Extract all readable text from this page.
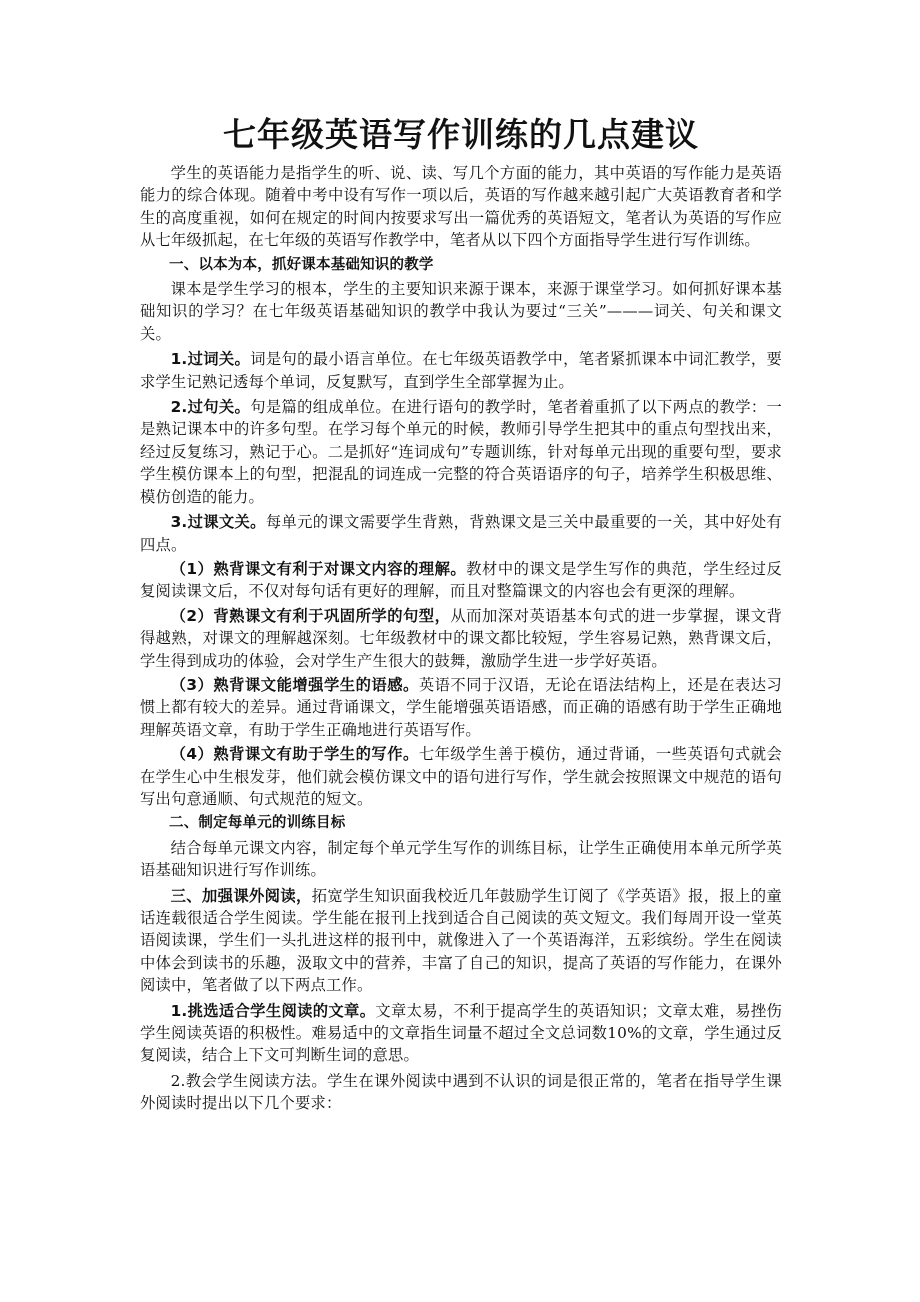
七年级英语写作训练的几点建议

学生的英语能力是指学生的听、说、读、写几个方面的能力，其中英语的写作能力是英语能力的综合体现。随着中考中设有写作一项以后，英语的写作越来越引起广大英语教育者和学生的高度重视，如何在规定的时间内按要求写出一篇优秀的英语短文，笔者认为英语的写作应从七年级抓起，在七年级的英语写作教学中，笔者从以下四个方面指导学生进行写作训练。

一、以本为本，抓好课本基础知识的教学

课本是学生学习的根本，学生的主要知识来源于课本，来源于课堂学习。如何抓好课本基础知识的学习？在七年级英语基础知识的教学中我认为要过“三关”———词关、句关和课文关。

1.过词关。词是句的最小语言单位。在七年级英语教学中，笔者紧抓课本中词汇教学，要求学生记熟记透每个单词，反复默写，直到学生全部掌握为止。

2.过句关。句是篇的组成单位。在进行语句的教学时，笔者着重抓了以下两点的教学：一是熟记课本中的许多句型。在学习每个单元的时候，教师引导学生把其中的重点句型找出来，经过反复练习，熟记于心。二是抓好“连词成句”专题训练，针对每单元出现的重要句型，要求学生模仿课本上的句型，把混乱的词连成一完整的符合英语语序的句子，培养学生积极思维、模仿创造的能力。

3.过课文关。每单元的课文需要学生背熟，背熟课文是三关中最重要的一关，其中好处有四点。

（1）熟背课文有利于对课文内容的理解。教材中的课文是学生写作的典范，学生经过反复阅读课文后，不仅对每句话有更好的理解，而且对整篇课文的内容也会有更深的理解。

（2）背熟课文有利于巩固所学的句型，从而加深对英语基本句式的进一步掌握，课文背得越熟，对课文的理解越深刻。七年级教材中的课文都比较短，学生容易记熟，熟背课文后，学生得到成功的体验，会对学生产生很大的鼓舞，激励学生进一步学好英语。

（3）熟背课文能增强学生的语感。英语不同于汉语，无论在语法结构上，还是在表达习惯上都有较大的差异。通过背诵课文，学生能增强英语语感，而正确的语感有助于学生正确地理解英语文章，有助于学生正确地进行英语写作。

（4）熟背课文有助于学生的写作。七年级学生善于模仿，通过背诵，一些英语句式就会在学生心中生根发芽，他们就会模仿课文中的语句进行写作，学生就会按照课文中规范的语句写出句意通顺、句式规范的短文。

二、制定每单元的训练目标

结合每单元课文内容，制定每个单元学生写作的训练目标，让学生正确使用本单元所学英语基础知识进行写作训练。

三、加强课外阅读，拓宽学生知识面我校近几年鼓励学生订阅了《学英语》报，报上的童话连载很适合学生阅读。学生能在报刊上找到适合自己阅读的英文短文。我们每周开设一堂英语阅读课，学生们一头扎进这样的报刊中，就像进入了一个英语海洋，五彩缤纷。学生在阅读中体会到读书的乐趣，汲取文中的营养，丰富了自己的知识，提高了英语的写作能力，在课外阅读中，笔者做了以下两点工作。

1.挑选适合学生阅读的文章。文章太易，不利于提高学生的英语知识；文章太难，易挫伤学生阅读英语的积极性。难易适中的文章指生词量不超过全文总词数10%的文章，学生通过反复阅读，结合上下文可判断生词的意思。

2.教会学生阅读方法。学生在课外阅读中遇到不认识的词是很正常的，笔者在指导学生课外阅读时提出以下几个要求：
